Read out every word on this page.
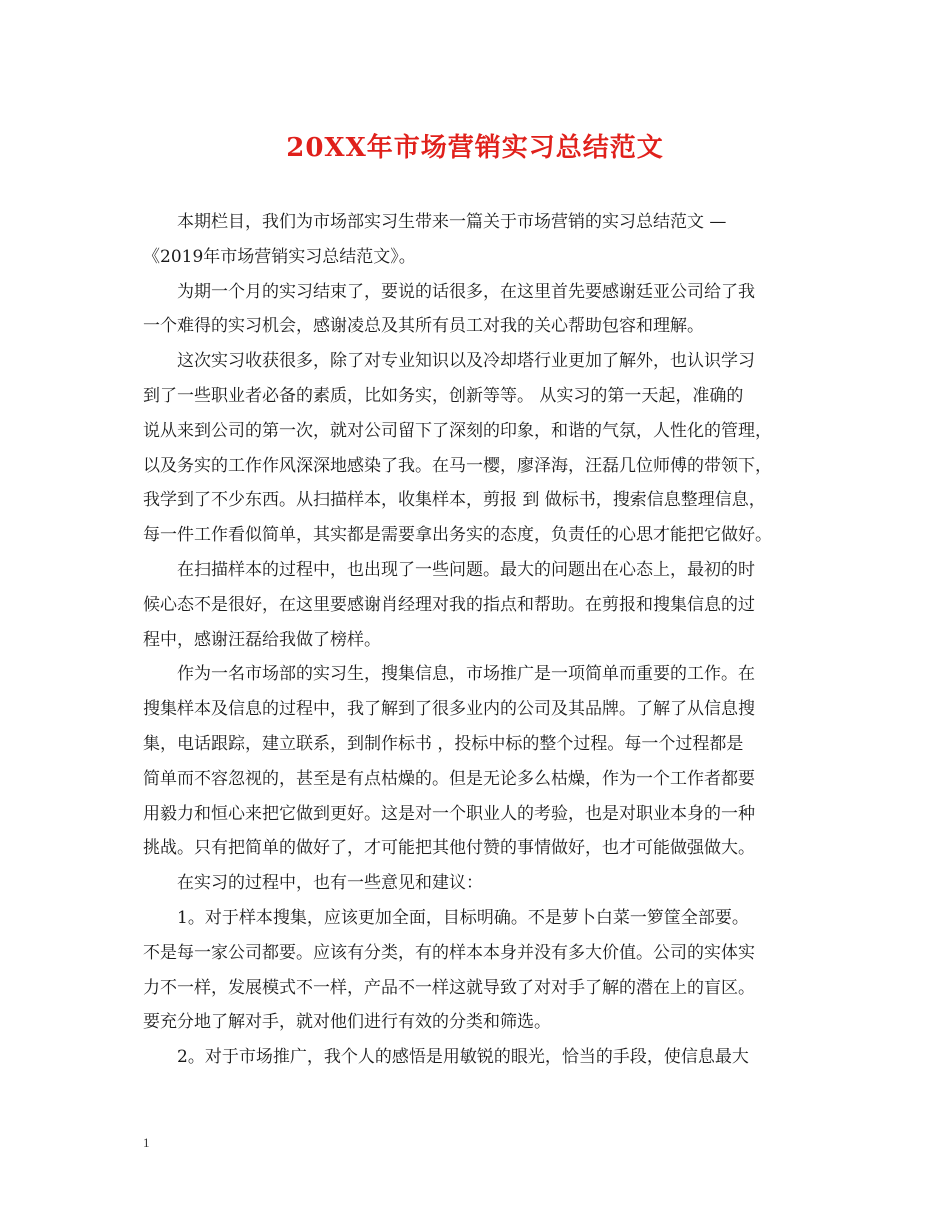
20XX年市场营销实习总结范文
本期栏目，我们为市场部实习生带来一篇关于市场营销的实习总结范文 —
《2019年市场营销实习总结范文》。
为期一个月的实习结束了，要说的话很多，在这里首先要感谢廷亚公司给了我
一个难得的实习机会，感谢凌总及其所有员工对我的关心帮助包容和理解。
这次实习收获很多，除了对专业知识以及冷却塔行业更加了解外，也认识学习
到了一些职业者必备的素质，比如务实，创新等等。 从实习的第一天起，准确的
说从来到公司的第一次，就对公司留下了深刻的印象，和谐的气氛，人性化的管理，
以及务实的工作作风深深地感染了我。在马一樱，廖泽海，汪磊几位师傅的带领下，
我学到了不少东西。从扫描样本，收集样本，剪报 到 做标书，搜索信息整理信息，
每一件工作看似简单，其实都是需要拿出务实的态度，负责任的心思才能把它做好。
在扫描样本的过程中，也出现了一些问题。最大的问题出在心态上，最初的时
候心态不是很好，在这里要感谢肖经理对我的指点和帮助。在剪报和搜集信息的过
程中，感谢汪磊给我做了榜样。
作为一名市场部的实习生，搜集信息，市场推广是一项简单而重要的工作。在
搜集样本及信息的过程中，我了解到了很多业内的公司及其品牌。了解了从信息搜
集，电话跟踪，建立联系，到制作标书 ，投标中标的整个过程。每一个过程都是
简单而不容忽视的，甚至是有点枯燥的。但是无论多么枯燥，作为一个工作者都要
用毅力和恒心来把它做到更好。这是对一个职业人的考验，也是对职业本身的一种
挑战。只有把简单的做好了，才可能把其他付赞的事情做好，也才可能做强做大。
在实习的过程中，也有一些意见和建议：
1。对于样本搜集，应该更加全面，目标明确。不是萝卜白菜一箩筐全部要。
不是每一家公司都要。应该有分类，有的样本本身并没有多大价值。公司的实体实
力不一样，发展模式不一样，产品不一样这就导致了对对手了解的潜在上的盲区。
要充分地了解对手，就对他们进行有效的分类和筛选。
2。对于市场推广，我个人的感悟是用敏锐的眼光，恰当的手段，使信息最大
1
